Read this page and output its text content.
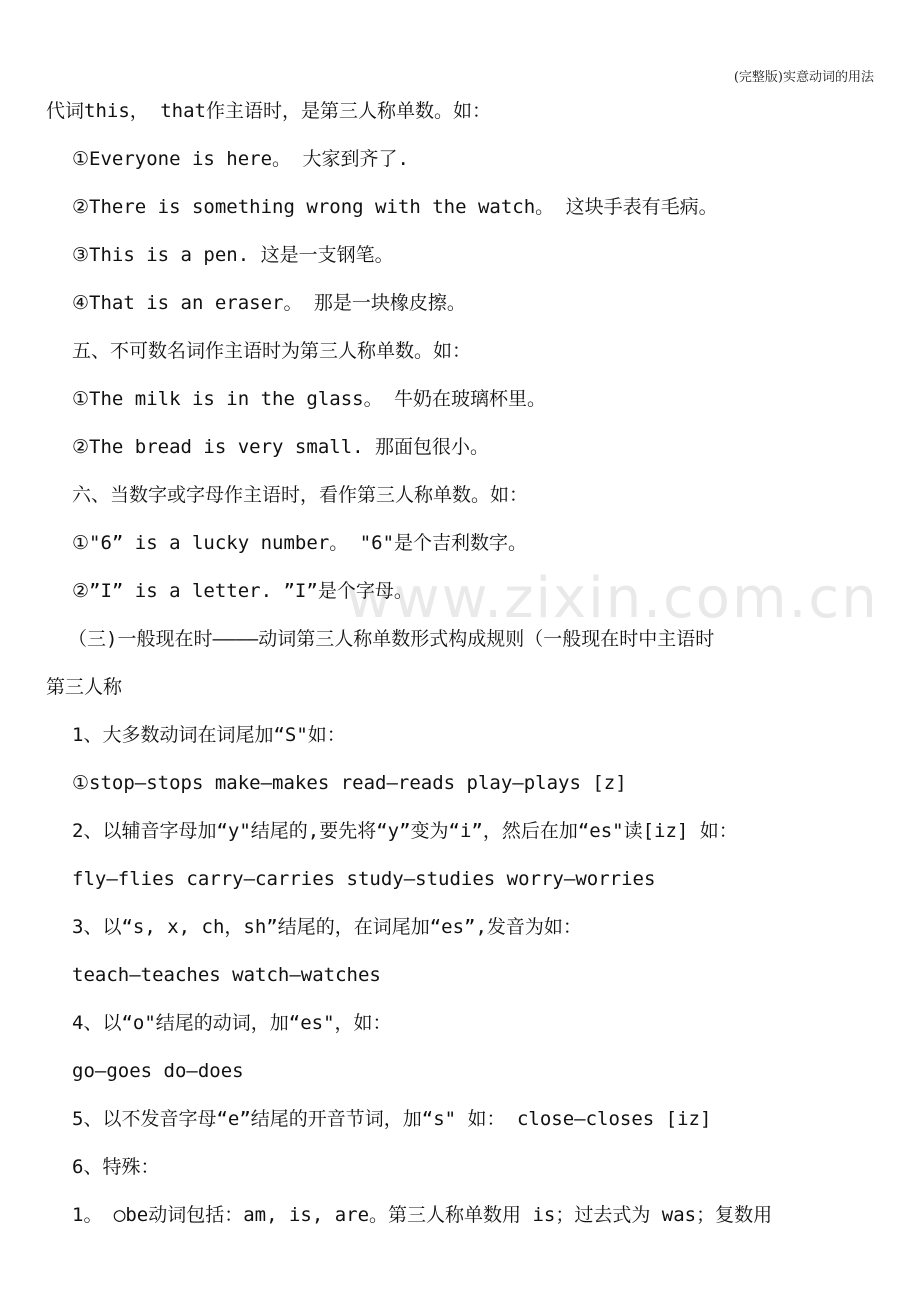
(完整版)实意动词的用法
www.zixin.com.cn
代词this， that作主语时，是第三人称单数。如：
①Everyone is here。 大家到齐了.
②There is something wrong with the watch。 这块手表有毛病。
③This is a pen. 这是一支钢笔。
④That is an eraser。 那是一块橡皮擦。
五、不可数名词作主语时为第三人称单数。如：
①The milk is in the glass。 牛奶在玻璃杯里。
②The bread is very small. 那面包很小。
六、当数字或字母作主语时，看作第三人称单数。如：
①"6” is a lucky number。 "6"是个吉利数字。
②”I” is a letter. ”I”是个字母。
（三)一般现在时————动词第三人称单数形式构成规则（一般现在时中主语时
第三人称
1、大多数动词在词尾加“S"如：
①stop—stops make—makes read—reads play—plays [z]
2、以辅音字母加“y"结尾的,要先将“y”变为“i”，然后在加“es"读[iz] 如：
fly—flies carry—carries study—studies worry—worries
3、以“s, x, ch，sh”结尾的，在词尾加“es”,发音为如：
teach—teaches watch—watches
4、以“o"结尾的动词，加“es"，如：
go—goes do—does
5、以不发音字母“e”结尾的开音节词，加“s" 如： close—closes [iz]
6、特殊：
1。 ◯be动词包括：am, is, are。第三人称单数用 is；过去式为 was；复数用
